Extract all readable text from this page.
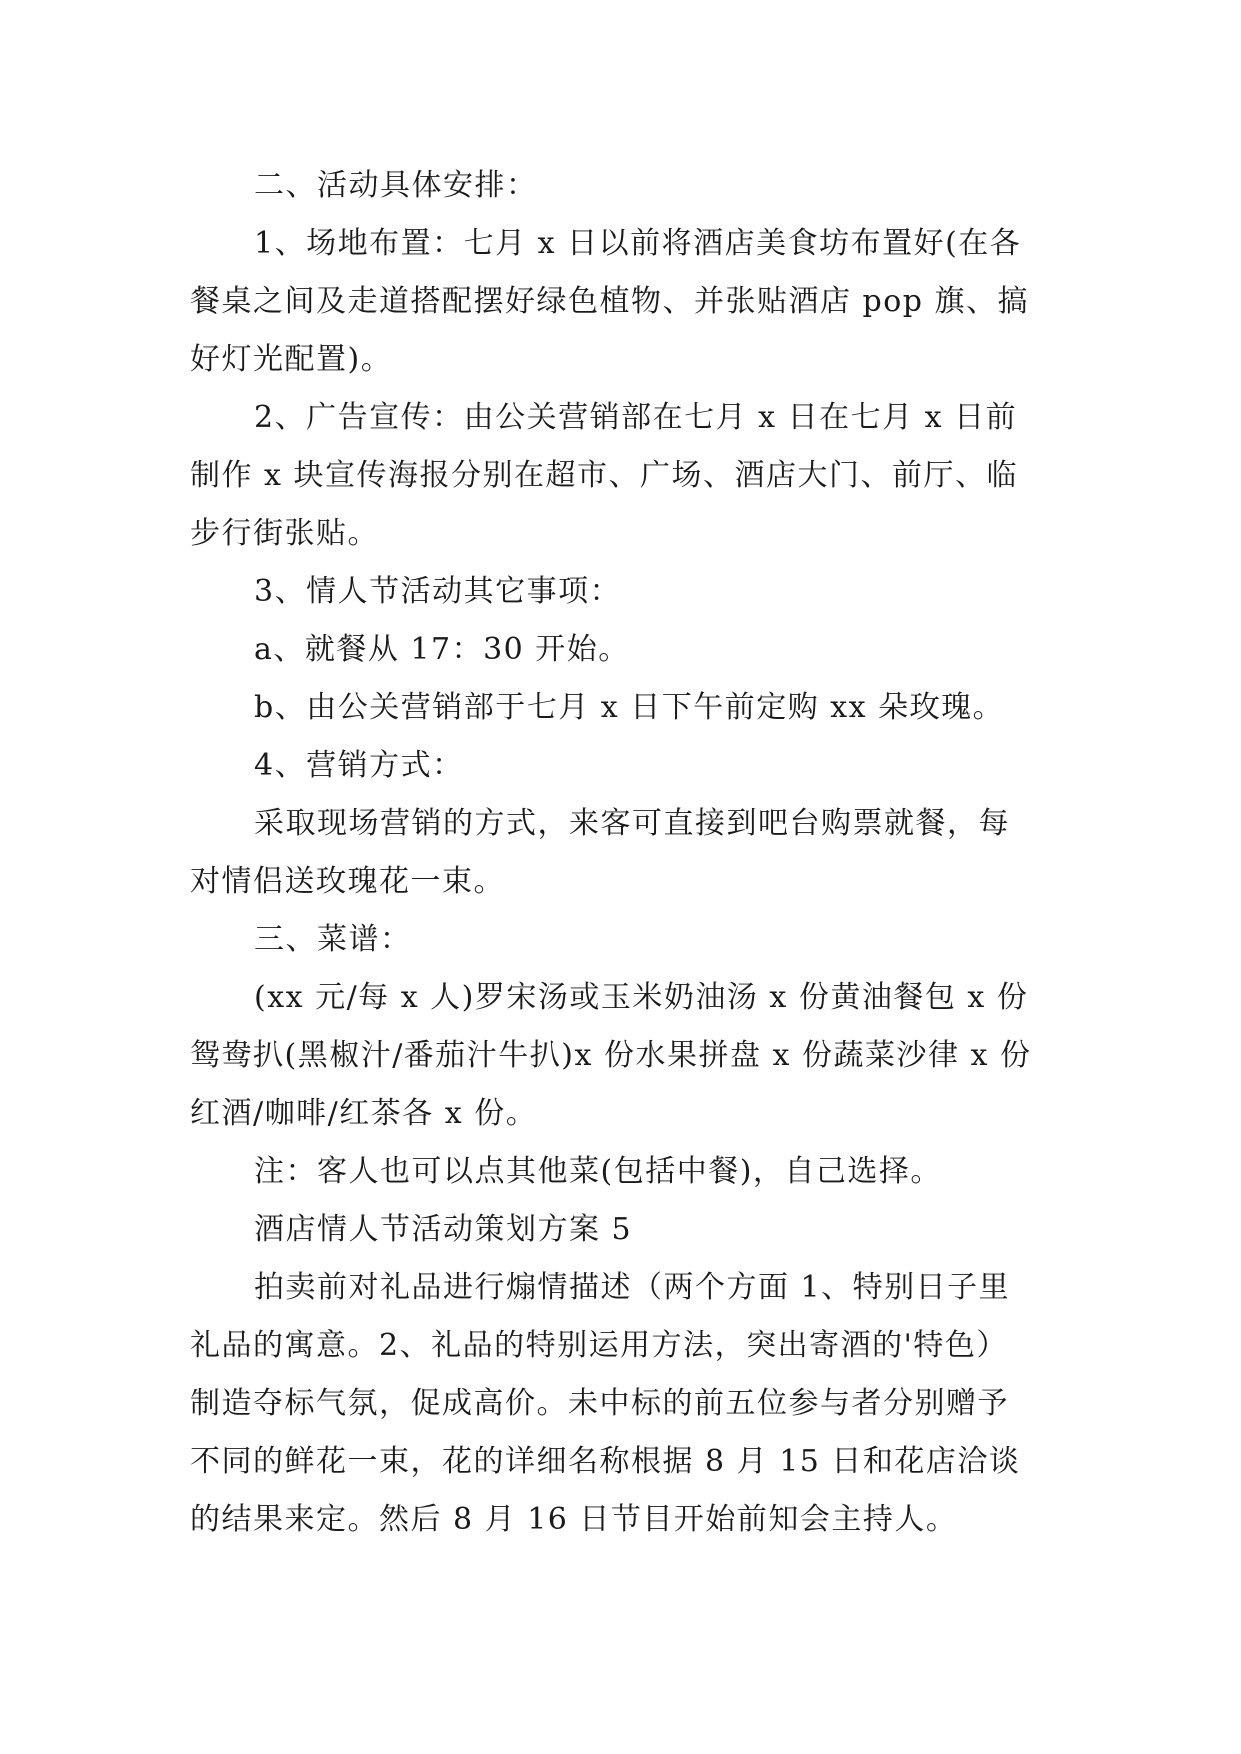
二、活动具体安排：
1、场地布置：七月 x 日以前将酒店美食坊布置好(在各
餐桌之间及走道搭配摆好绿色植物、并张贴酒店 pop 旗、搞
好灯光配置)。
2、广告宣传：由公关营销部在七月 x 日在七月 x 日前
制作 x 块宣传海报分别在超市、广场、酒店大门、前厅、临
步行街张贴。
3、情人节活动其它事项：
a、就餐从 17：30 开始。
b、由公关营销部于七月 x 日下午前定购 xx 朵玫瑰。
4、营销方式：
采取现场营销的方式，来客可直接到吧台购票就餐，每
对情侣送玫瑰花一束。
三、菜谱：
(xx 元/每 x 人)罗宋汤或玉米奶油汤 x 份黄油餐包 x 份
鸳鸯扒(黑椒汁/番茄汁牛扒)x 份水果拼盘 x 份蔬菜沙律 x 份
红酒/咖啡/红茶各 x 份。
注：客人也可以点其他菜(包括中餐)，自己选择。
酒店情人节活动策划方案 5
拍卖前对礼品进行煽情描述（两个方面 1、特别日子里
礼品的寓意。2、礼品的特别运用方法，突出寄酒的'特色）
制造夺标气氛，促成高价。未中标的前五位参与者分别赠予
不同的鲜花一束，花的详细名称根据 8 月 15 日和花店洽谈
的结果来定。然后 8 月 16 日节目开始前知会主持人。
